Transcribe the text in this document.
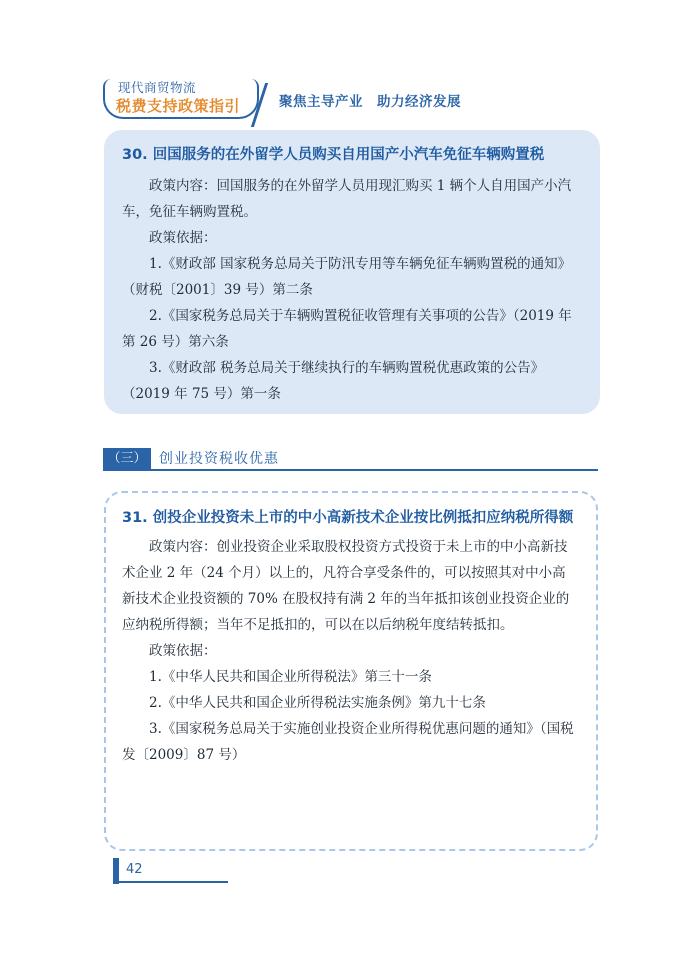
现代商贸物流
税费支持政策指引	聚焦主导产业　助力经济发展

30. 回国服务的在外留学人员购买自用国产小汽车免征车辆购置税

政策内容：回国服务的在外留学人员用现汇购买 1 辆个人自用国产小汽车，免征车辆购置税。

政策依据：

1.《财政部 国家税务总局关于防汛专用等车辆免征车辆购置税的通知》（财税〔2001〕39 号）第二条

2.《国家税务总局关于车辆购置税征收管理有关事项的公告》（2019 年第 26 号）第六条

3.《财政部 税务总局关于继续执行的车辆购置税优惠政策的公告》（2019 年 75 号）第一条

（三） 创业投资税收优惠

31. 创投企业投资未上市的中小高新技术企业按比例抵扣应纳税所得额

政策内容：创业投资企业采取股权投资方式投资于未上市的中小高新技术企业 2 年（24 个月）以上的，凡符合享受条件的，可以按照其对中小高新技术企业投资额的 70% 在股权持有满 2 年的当年抵扣该创业投资企业的应纳税所得额；当年不足抵扣的，可以在以后纳税年度结转抵扣。

政策依据：

1.《中华人民共和国企业所得税法》第三十一条

2.《中华人民共和国企业所得税法实施条例》第九十七条

3.《国家税务总局关于实施创业投资企业所得税优惠问题的通知》（国税发〔2009〕87 号）

42
